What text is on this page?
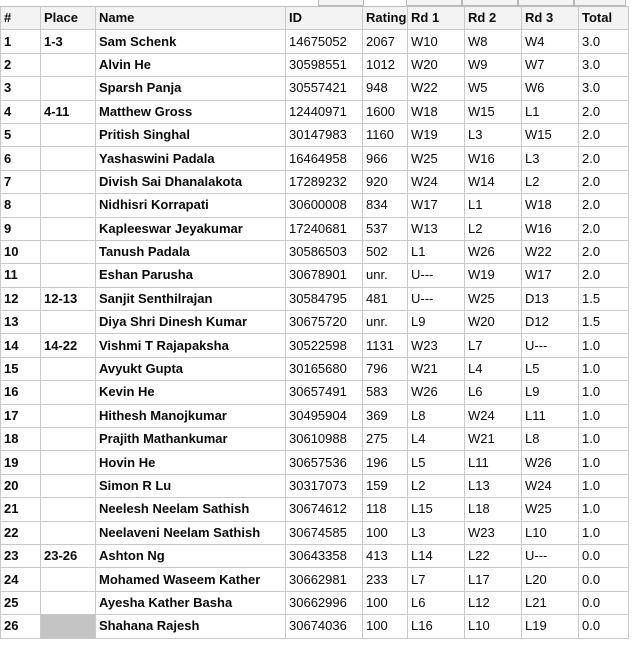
#	Place	Name	ID	Rating	Rd 1	Rd 2	Rd 3	Total
1	1-3	Sam Schenk	14675052	2067	W10	W8	W4	3.0
2		Alvin He	30598551	1012	W20	W9	W7	3.0
3		Sparsh Panja	30557421	948	W22	W5	W6	3.0
4	4-11	Matthew Gross	12440971	1600	W18	W15	L1	2.0
5		Pritish Singhal	30147983	1160	W19	L3	W15	2.0
6		Yashaswini Padala	16464958	966	W25	W16	L3	2.0
7		Divish Sai Dhanalakota	17289232	920	W24	W14	L2	2.0
8		Nidhisri Korrapati	30600008	834	W17	L1	W18	2.0
9		Kapleeswar Jeyakumar	17240681	537	W13	L2	W16	2.0
10		Tanush Padala	30586503	502	L1	W26	W22	2.0
11		Eshan Parusha	30678901	unr.	U---	W19	W17	2.0
12	12-13	Sanjit Senthilrajan	30584795	481	U---	W25	D13	1.5
13		Diya Shri Dinesh Kumar	30675720	unr.	L9	W20	D12	1.5
14	14-22	Vishmi T Rajapaksha	30522598	1131	W23	L7	U---	1.0
15		Avyukt Gupta	30165680	796	W21	L4	L5	1.0
16		Kevin He	30657491	583	W26	L6	L9	1.0
17		Hithesh Manojkumar	30495904	369	L8	W24	L11	1.0
18		Prajith Mathankumar	30610988	275	L4	W21	L8	1.0
19		Hovin He	30657536	196	L5	L11	W26	1.0
20		Simon R Lu	30317073	159	L2	L13	W24	1.0
21		Neelesh Neelam Sathish	30674612	118	L15	L18	W25	1.0
22		Neelaveni Neelam Sathish	30674585	100	L3	W23	L10	1.0
23	23-26	Ashton Ng	30643358	413	L14	L22	U---	0.0
24		Mohamed Waseem Kather	30662981	233	L7	L17	L20	0.0
25		Ayesha Kather Basha	30662996	100	L6	L12	L21	0.0
26		Shahana Rajesh	30674036	100	L16	L10	L19	0.0
